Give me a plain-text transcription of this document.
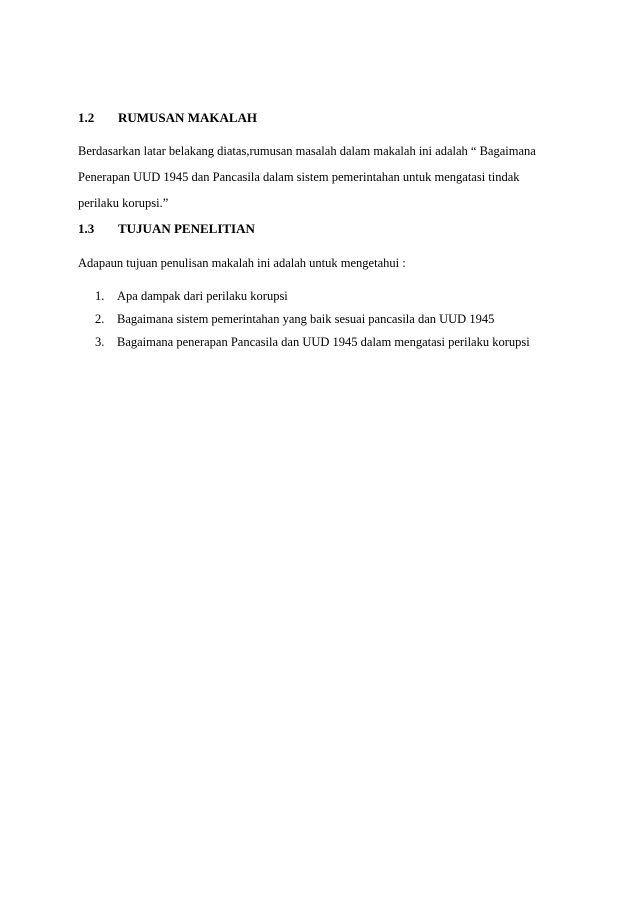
1.2 RUMUSAN MAKALAH
Berdasarkan latar belakang diatas,rumusan masalah dalam makalah ini adalah “ Bagaimana
Penerapan UUD 1945 dan Pancasila dalam sistem pemerintahan untuk mengatasi tindak
perilaku korupsi.”
1.3 TUJUAN PENELITIAN
Adapaun tujuan penulisan makalah ini adalah untuk mengetahui :
1. Apa dampak dari perilaku korupsi
2. Bagaimana sistem pemerintahan yang baik sesuai pancasila dan UUD 1945
3. Bagaimana penerapan Pancasila dan UUD 1945 dalam mengatasi perilaku korupsi
